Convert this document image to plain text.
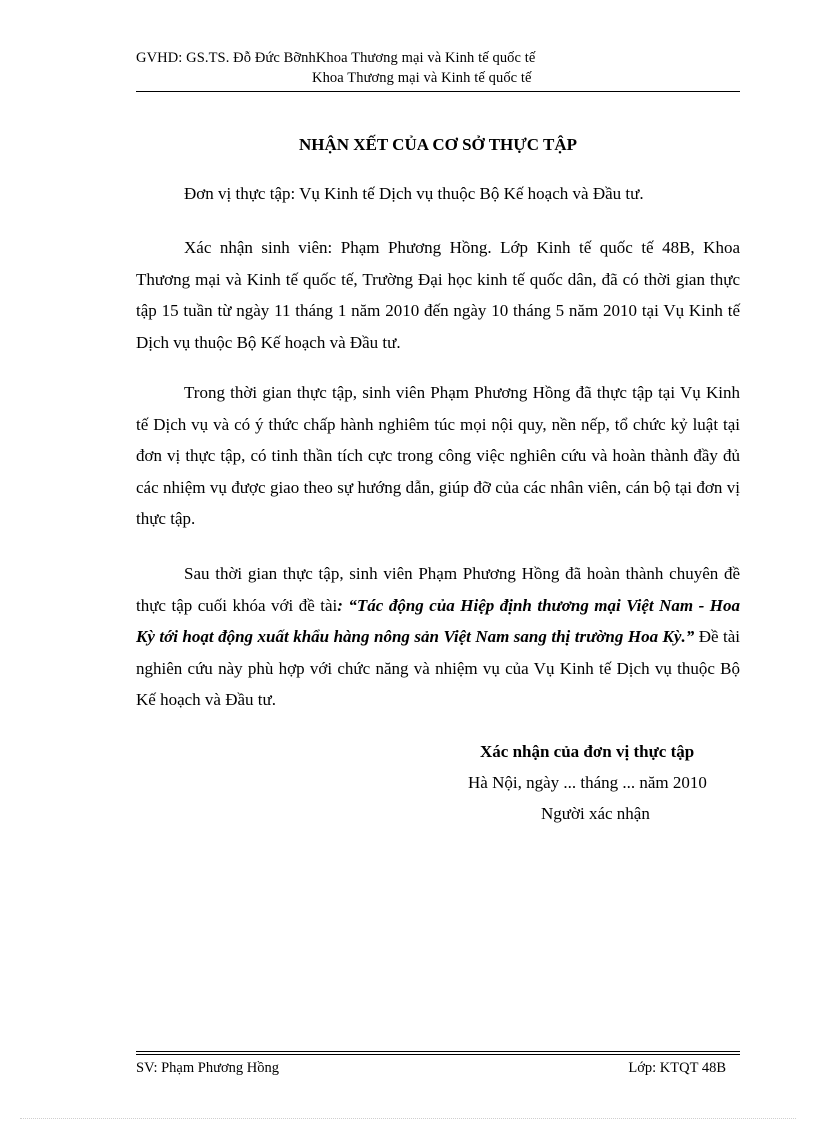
GVHD: GS.TS. Đỗ Đức BỡnhKhoa Thương mại và Kinh tế quốc tế
Khoa Thương mại và Kinh tế quốc tế
NHẬN XẾT CỦA CƠ SỞ THỰC TẬP
Đơn vị thực tập: Vụ Kinh tế Dịch vụ thuộc Bộ Kế hoạch và Đầu tư.
Xác nhận sinh viên: Phạm Phương Hồng. Lớp Kinh tế quốc tế 48B, Khoa Thương mại và Kinh tế quốc tế, Trường Đại học kinh tế quốc dân, đã có thời gian thực tập 15 tuần từ ngày 11 tháng 1 năm 2010 đến ngày 10 tháng 5 năm 2010 tại Vụ Kinh tế Dịch vụ thuộc Bộ Kế hoạch và Đầu tư.
Trong thời gian thực tập, sinh viên Phạm Phương Hồng đã thực tập tại Vụ Kinh tế Dịch vụ và có ý thức chấp hành nghiêm túc mọi nội quy, nền nếp, tổ chức kỷ luật tại đơn vị thực tập, có tinh thần tích cực trong công việc nghiên cứu và hoàn thành đầy đủ các nhiệm vụ được giao theo sự hướng dẫn, giúp đỡ của các nhân viên, cán bộ tại đơn vị thực tập.
Sau thời gian thực tập, sinh viên Phạm Phương Hồng đã hoàn thành chuyên đề thực tập cuối khóa với đề tài: “Tác động của Hiệp định thương mại Việt Nam - Hoa Kỳ tới hoạt động xuất khẩu hàng nông sản Việt Nam sang thị trường Hoa Kỳ.” Đề tài nghiên cứu này phù hợp với chức năng và nhiệm vụ của Vụ Kinh tế Dịch vụ thuộc Bộ Kế hoạch và Đầu tư.
Xác nhận của đơn vị thực tập
Hà Nội, ngày ... tháng ... năm 2010
Người xác nhận
SV: Phạm Phương Hồng	Lớp: KTQT 48B
